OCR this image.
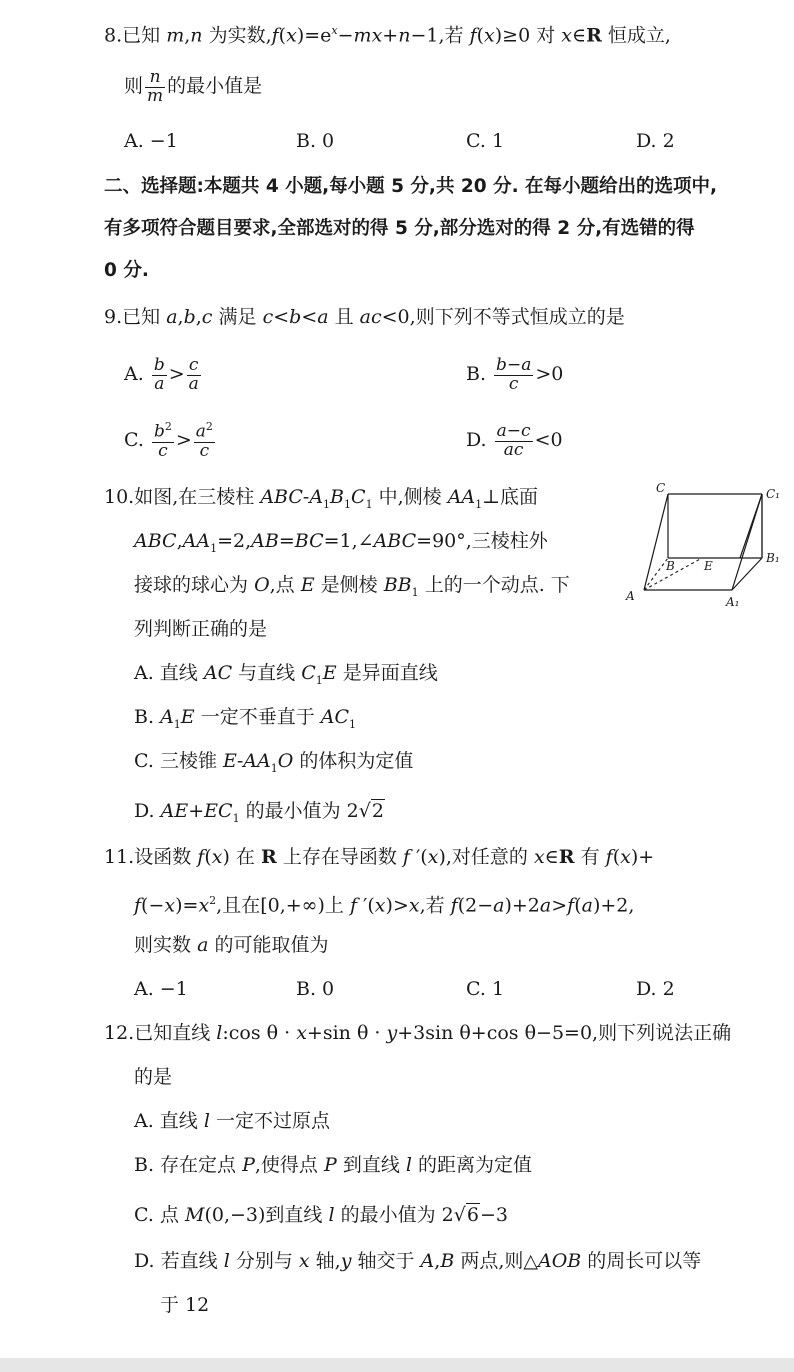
8.已知 m,n 为实数$,f(x)=e^x-mx+n-1$,若 f(x)≥0 对 x∈R 恒成立,
则 $\frac{n}{m}$ 的最小值是
A. −1	B. 0	C. 1	D. 2
二、选择题:本题共 4 小题,每小题 5 分,共 20 分. 在每小题给出的选项中,
有多项符合题目要求,全部选对的得 5 分,部分选对的得 2 分,有选错的得
0 分.
9.已知 a,b,c 满足 c<b<a 且 ac<0,则下列不等式恒成立的是
A. $\frac{b}{a} > \frac{c}{a}$	B. $\frac{b-a}{c} >0$
C. $\frac{b^2}{c} > \frac{a^2}{c}$	D. $\frac{a-c}{ac} <0$
10.如图,在三棱柱 ABC-$A_1B_1C_1$ 中,侧棱 $AA_1\perp$底面
$ABC,AA_1=2,AB=BC=1,\angle ABC=90^\circ$,三棱柱外
接球的球心为 O,点 E 是侧棱 $BB_1$ 上的一个动点. 下
列判断正确的是
C	C₁
B E
B₁
A	A₁
A. 直线 AC 与直线 $C_1E$ 是异面直线
B. $A_1E$ 一定不垂直于 $AC_1$
C. 三棱锥 $E-AA_1O$ 的体积为定值
D. $AE+EC_1$ 的最小值为 2√2
11.设函数 f(x) 在 R 上存在导函数 f ′(x),对任意的 x∈R 有 f(x)+
$f(-x)=x^2$,且在[0,+∞)上 f ′(x)>x,若 f(2−a)+2a>f(a)+2,
则实数 a 的可能取值为
A. −1	B. 0	C. 1	D. 2
12.已知直线 l:cos θ · x+sin θ · y+3sin θ+cos θ−5=0,则下列说法正确
的是
A. 直线 l 一定不过原点
B. 存在定点 P,使得点 P 到直线 l 的距离为定值
C. 点 M(0,−3)到直线 l 的最小值为 2√6−3
D. 若直线 l 分别与 x 轴,y 轴交于 A,B 两点,则△AOB 的周长可以等
于 12
